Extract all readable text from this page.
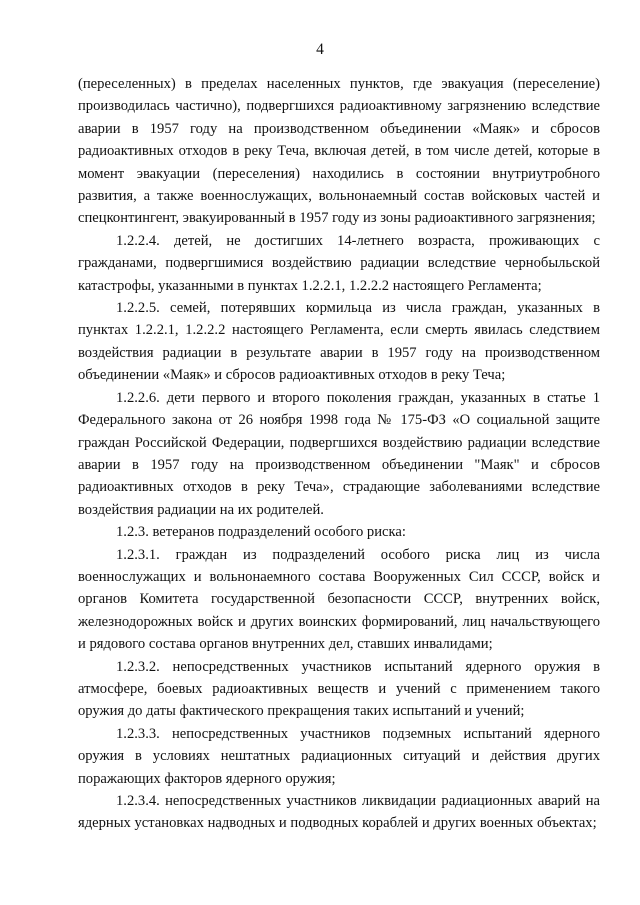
4

(переселенных) в пределах населенных пунктов, где эвакуация (переселение) производилась частично), подвергшихся радиоактивному загрязнению вследствие аварии в 1957 году на производственном объединении «Маяк» и сбросов радиоактивных отходов в реку Теча, включая детей, в том числе детей, которые в момент эвакуации (переселения) находились в состоянии внутриутробного развития, а также военнослужащих, вольнонаемный состав войсковых частей и спецконтингент, эвакуированный в 1957 году из зоны радиоактивного загрязнения;

1.2.2.4. детей, не достигших 14-летнего возраста, проживающих с гражданами, подвергшимися воздействию радиации вследствие чернобыльской катастрофы, указанными в пунктах 1.2.2.1, 1.2.2.2 настоящего Регламента;

1.2.2.5. семей, потерявших кормильца из числа граждан, указанных в пунктах 1.2.2.1, 1.2.2.2 настоящего Регламента, если смерть явилась следствием воздействия радиации в результате аварии в 1957 году на производственном объединении «Маяк» и сбросов радиоактивных отходов в реку Теча;

1.2.2.6. дети первого и второго поколения граждан, указанных в статье 1 Федерального закона от 26 ноября 1998 года № 175-ФЗ «О социальной защите граждан Российской Федерации, подвергшихся воздействию радиации вследствие аварии в 1957 году на производственном объединении "Маяк" и сбросов радиоактивных отходов в реку Теча», страдающие заболеваниями вследствие воздействия радиации на их родителей.

1.2.3. ветеранов подразделений особого риска:

1.2.3.1. граждан из подразделений особого риска лиц из числа военнослужащих и вольнонаемного состава Вооруженных Сил СССР, войск и органов Комитета государственной безопасности СССР, внутренних войск, железнодорожных войск и других воинских формирований, лиц начальствующего и рядового состава органов внутренних дел, ставших инвалидами;

1.2.3.2. непосредственных участников испытаний ядерного оружия в атмосфере, боевых радиоактивных веществ и учений с применением такого оружия до даты фактического прекращения таких испытаний и учений;

1.2.3.3. непосредственных участников подземных испытаний ядерного оружия в условиях нештатных радиационных ситуаций и действия других поражающих факторов ядерного оружия;

1.2.3.4. непосредственных участников ликвидации радиационных аварий на ядерных установках надводных и подводных кораблей и других военных объектах;
